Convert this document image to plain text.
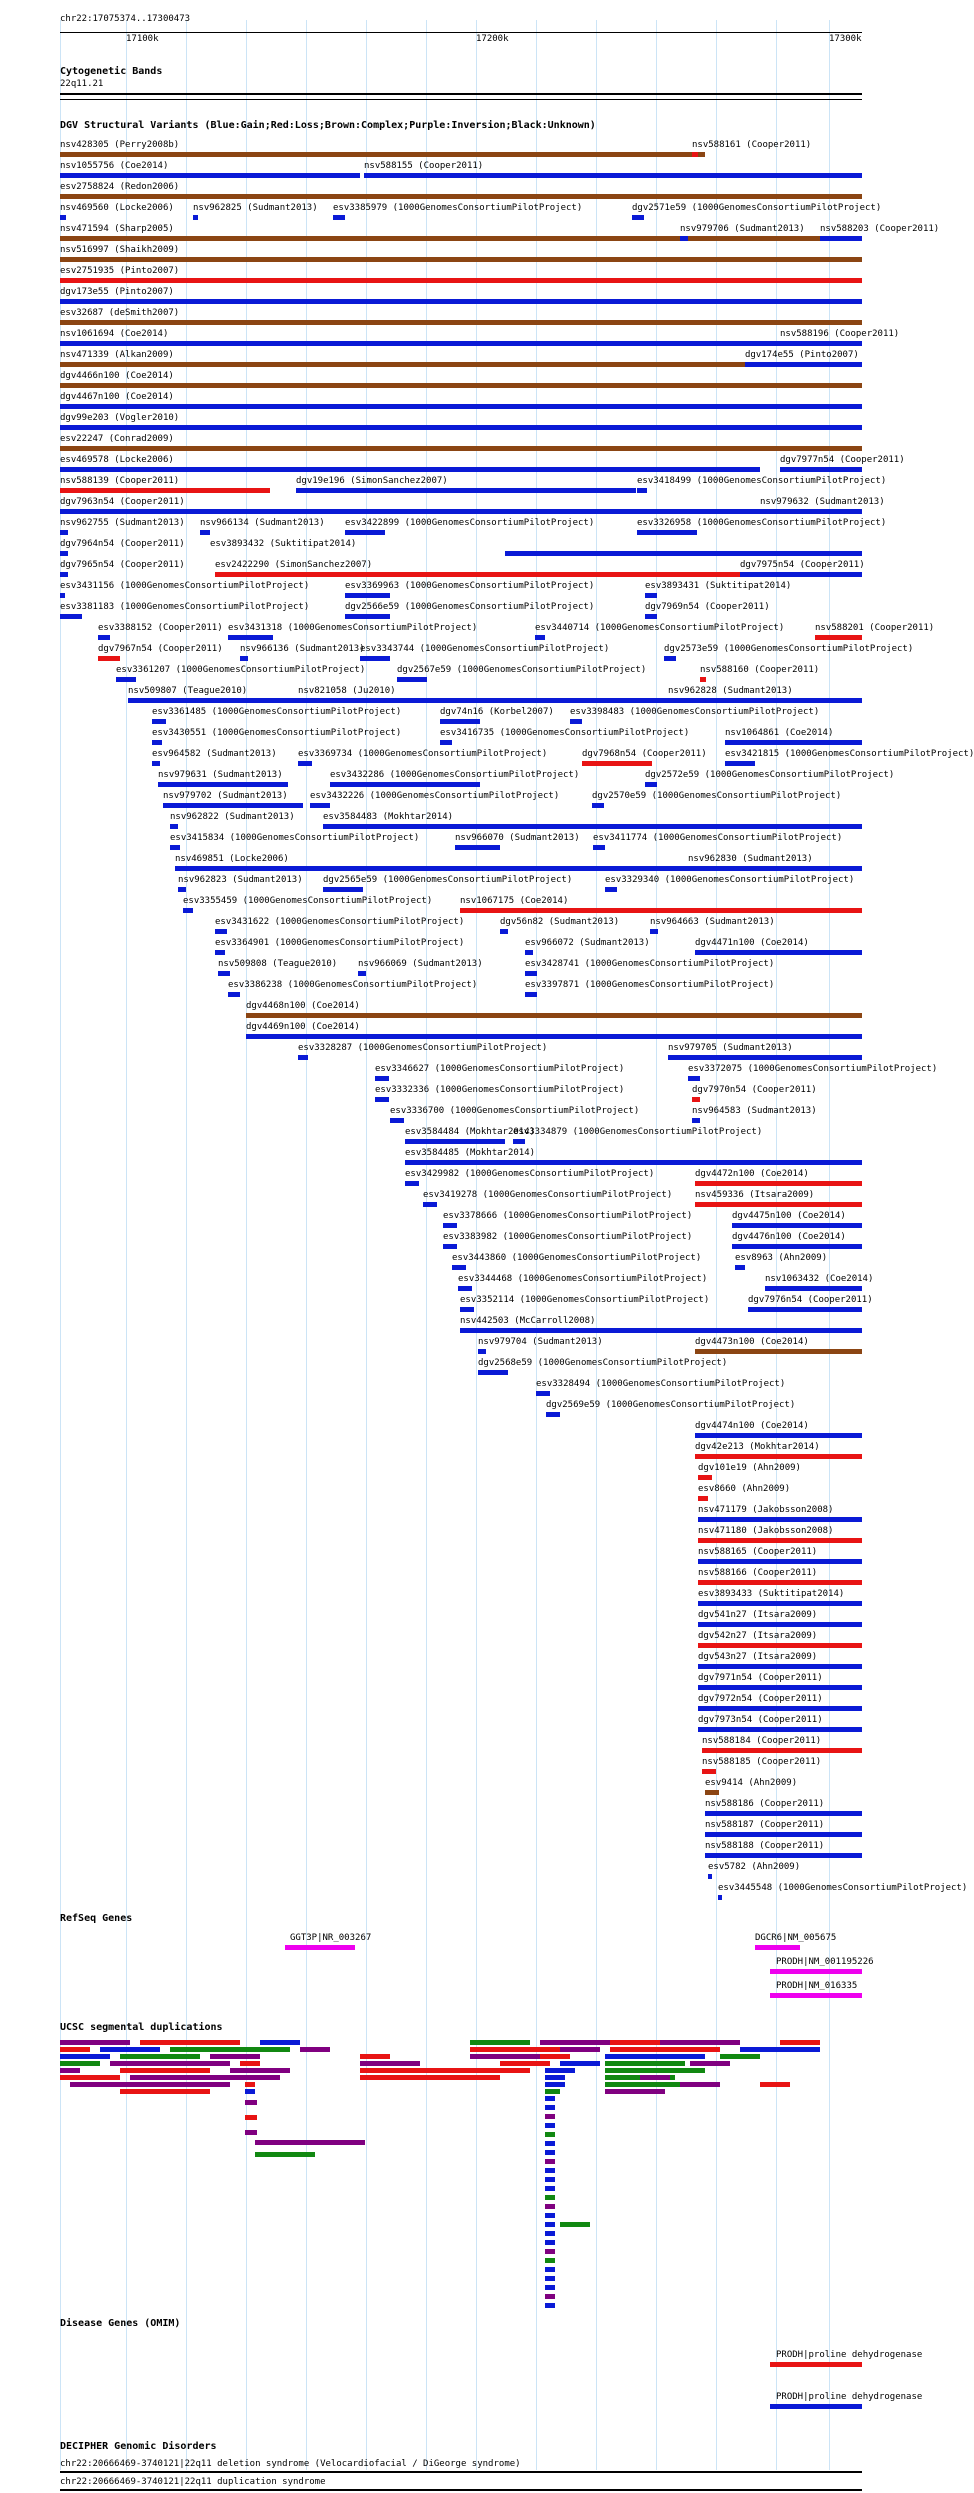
chr22:17075374..17300473
17100k	17200k	17300k
Cytogenetic Bands
22q11.21
DGV Structural Variants (Blue:Gain;Red:Loss;Brown:Complex;Purple:Inversion;Black:Unknown)
RefSeq Genes
UCSC segmental duplications
Disease Genes (OMIM)
DECIPHER Genomic Disorders
nsv428305 (Perry2008b)	nsv588161 (Cooper2011)
nsv1055756 (Coe2014)	nsv588155 (Cooper2011)
esv2758824 (Redon2006)
nsv469560 (Locke2006) nsv962825 (Sudmant2013) esv3385979 (1000GenomesConsortiumPilotProject)	dgv2571e59 (1000GenomesConsortiumPilotProject)
nsv471594 (Sharp2005)	nsv979706 (Sudmant2013) nsv588203 (Cooper2011)
nsv516997 (Shaikh2009)
esv2751935 (Pinto2007)
dgv173e55 (Pinto2007)
esv32687 (deSmith2007)
nsv1061694 (Coe2014)	nsv588196 (Cooper2011)
nsv471339 (Alkan2009)	dgv174e55 (Pinto2007)
dgv4466n100 (Coe2014)
dgv4467n100 (Coe2014)
dgv99e203 (Vogler2010)
esv22247 (Conrad2009)
esv469578 (Locke2006)	dgv7977n54 (Cooper2011)
nsv588139 (Cooper2011)	dgv19e196 (SimonSanchez2007)	esv3418499 (1000GenomesConsortiumPilotProject)
dgv7963n54 (Cooper2011)	nsv979632 (Sudmant2013)
nsv962755 (Sudmant2013) nsv966134 (Sudmant2013) esv3422899 (1000GenomesConsortiumPilotProject)	esv3326958 (1000GenomesConsortiumPilotProject)
dgv7964n54 (Cooper2011)	esv3893432 (Suktitipat2014)
dgv7965n54 (Cooper2011)	esv2422290 (SimonSanchez2007)	dgv7975n54 (Cooper2011)
esv3431156 (1000GenomesConsortiumPilotProject)	esv3369963 (1000GenomesConsortiumPilotProject)	esv3893431 (Suktitipat2014)
esv3381183 (1000GenomesConsortiumPilotProject)	dgv2566e59 (1000GenomesConsortiumPilotProject)	dgv7969n54 (Cooper2011)
esv3388152 (Cooper2011) esv3431318 (1000GenomesConsortiumPilotProject)	esv3440714 (1000GenomesConsortiumPilotProject)	nsv588201 (Cooper2011)
dgv7967n54 (Cooper2011) nsv966136 (Sudmant2013)
esv3343744 (1000GenomesConsortiumPilotProject)	dgv2573e59 (1000GenomesConsortiumPilotProject)
esv3361207 (1000GenomesConsortiumPilotProject)	dgv2567e59 (1000GenomesConsortiumPilotProject)	nsv588160 (Cooper2011)
nsv509807 (Teague2010)	nsv821058 (Ju2010)	nsv962828 (Sudmant2013)
esv3361485 (1000GenomesConsortiumPilotProject)	dgv74n16 (Korbel2007) esv3398483 (1000GenomesConsortiumPilotProject)
esv3430551 (1000GenomesConsortiumPilotProject)	esv3416735 (1000GenomesConsortiumPilotProject)	nsv1064861 (Coe2014)
esv964582 (Sudmant2013) esv3369734 (1000GenomesConsortiumPilotProject)	dgv7968n54 (Cooper2011) esv3421815 (1000GenomesConsortiumPilotProject)
nsv979631 (Sudmant2013)	esv3432286 (1000GenomesConsortiumPilotProject)	dgv2572e59 (1000GenomesConsortiumPilotProject)
nsv979702 (Sudmant2013) esv3432226 (1000GenomesConsortiumPilotProject)	dgv2570e59 (1000GenomesConsortiumPilotProject)
nsv962822 (Sudmant2013)	esv3584483 (Mokhtar2014)
esv3415834 (1000GenomesConsortiumPilotProject)	nsv966070 (Sudmant2013) esv3411774 (1000GenomesConsortiumPilotProject)
nsv469851 (Locke2006)	nsv962830 (Sudmant2013)
nsv962823 (Sudmant2013) dgv2565e59 (1000GenomesConsortiumPilotProject)	esv3329340 (1000GenomesConsortiumPilotProject)
esv3355459 (1000GenomesConsortiumPilotProject)	nsv1067175 (Coe2014)
esv3431622 (1000GenomesConsortiumPilotProject)	dgv56n82 (Sudmant2013)	nsv964663 (Sudmant2013)
esv3364901 (1000GenomesConsortiumPilotProject)	esv966072 (Sudmant2013)	dgv4471n100 (Coe2014)
nsv509808 (Teague2010) nsv966069 (Sudmant2013)	esv3428741 (1000GenomesConsortiumPilotProject)
esv3386238 (1000GenomesConsortiumPilotProject)	esv3397871 (1000GenomesConsortiumPilotProject)
dgv4468n100 (Coe2014)
dgv4469n100 (Coe2014)
esv3328287 (1000GenomesConsortiumPilotProject)	nsv979705 (Sudmant2013)
esv3346627 (1000GenomesConsortiumPilotProject)	esv3372075 (1000GenomesConsortiumPilotProject)
esv3332336 (1000GenomesConsortiumPilotProject)	dgv7970n54 (Cooper2011)
esv3336700 (1000GenomesConsortiumPilotProject)	nsv964583 (Sudmant2013)
esv3584484 (Mokhtar2014)
esv3334879 (1000GenomesConsortiumPilotProject)
esv3584485 (Mokhtar2014)
esv3429982 (1000GenomesConsortiumPilotProject)	dgv4472n100 (Coe2014)
esv3419278 (1000GenomesConsortiumPilotProject)	nsv459336 (Itsara2009)
esv3378666 (1000GenomesConsortiumPilotProject)	dgv4475n100 (Coe2014)
esv3383982 (1000GenomesConsortiumPilotProject)	dgv4476n100 (Coe2014)
esv3443860 (1000GenomesConsortiumPilotProject)	esv8963 (Ahn2009)
esv3344468 (1000GenomesConsortiumPilotProject)	nsv1063432 (Coe2014)
esv3352114 (1000GenomesConsortiumPilotProject)	dgv7976n54 (Cooper2011)
nsv442503 (McCarroll2008)
nsv979704 (Sudmant2013)	dgv4473n100 (Coe2014)
dgv2568e59 (1000GenomesConsortiumPilotProject)
esv3328494 (1000GenomesConsortiumPilotProject)
dgv2569e59 (1000GenomesConsortiumPilotProject)
dgv4474n100 (Coe2014)
dgv42e213 (Mokhtar2014)
dgv101e19 (Ahn2009)
esv8660 (Ahn2009)
nsv471179 (Jakobsson2008)
nsv471180 (Jakobsson2008)
nsv588165 (Cooper2011)
nsv588166 (Cooper2011)
esv3893433 (Suktitipat2014)
dgv541n27 (Itsara2009)
dgv542n27 (Itsara2009)
dgv543n27 (Itsara2009)
dgv7971n54 (Cooper2011)
dgv7972n54 (Cooper2011)
dgv7973n54 (Cooper2011)
nsv588184 (Cooper2011)
nsv588185 (Cooper2011)
esv9414 (Ahn2009)
nsv588186 (Cooper2011)
nsv588187 (Cooper2011)
nsv588188 (Cooper2011)
esv5782 (Ahn2009)
esv3445548 (1000GenomesConsortiumPilotProject)
GGT3P|NR_003267	DGCR6|NM_005675
PRODH|NM_001195226
PRODH|NM_016335
PRODH|proline dehydrogenase
PRODH|proline dehydrogenase
chr22:20666469-3740121|22q11 deletion syndrome (Velocardiofacial / DiGeorge syndrome)
chr22:20666469-3740121|22q11 duplication syndrome
